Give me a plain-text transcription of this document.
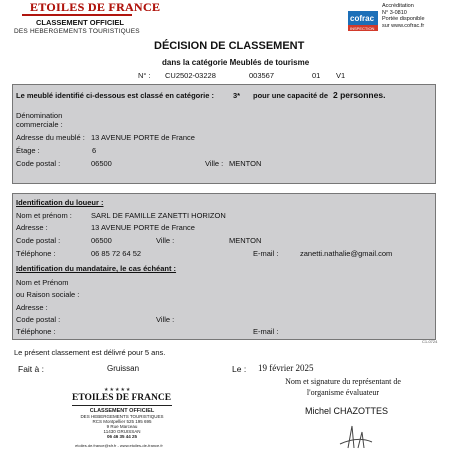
ETOILES DE FRANCE
CLASSEMENT OFFICIEL
DES HEBERGEMENTS TOURISTIQUES
cofrac
INSPECTION
Accréditation
N° 3-0810
Portée disponible
sur www.cofrac.fr
DÉCISION DE CLASSEMENT
dans la catégorie Meublés de tourisme
N° : CU2502-03228	003567	01 V1
Le meublé identifié ci-dessous est classé en catégorie :	3* pour une capacité de 2 personnes.
Dénomination
commerciale :
Adresse du meublé : 13 AVENUE PORTE de France
Étage :	6
Code postal :	06500	Ville : MENTON
Identification du loueur :
Nom et prénom :	SARL DE FAMILLE ZANETTI HORIZON
Adresse :	13 AVENUE PORTE de France
Code postal :	06500	Ville :	MENTON
Téléphone :	06 85 72 64 52	E-mail :	zanetti.nathalie@gmail.com
Identification du mandataire, le cas échéant :
Nom et Prénom
ou Raison sociale :
Adresse :
Code postal :	Ville :
Téléphone :	E-mail :
C1-0724
Le présent classement est délivré pour 5 ans.
Fait à :	Gruissan	Le : 19 février 2025
Nom et signature du représentant de
l'organisme évaluateur
Michel CHAZOTTES
★★★★★
ETOILES DE FRANCE
CLASSEMENT OFFICIEL
DES HEBERGEMENTS TOURISTIQUES
RCS Montpellier 525 195 695
9 Rue Marceau
11430 GRUISSAN
06 46 35 44 25
etoiles.de.france@sfr.fr - www.etoiles-de-france.fr
